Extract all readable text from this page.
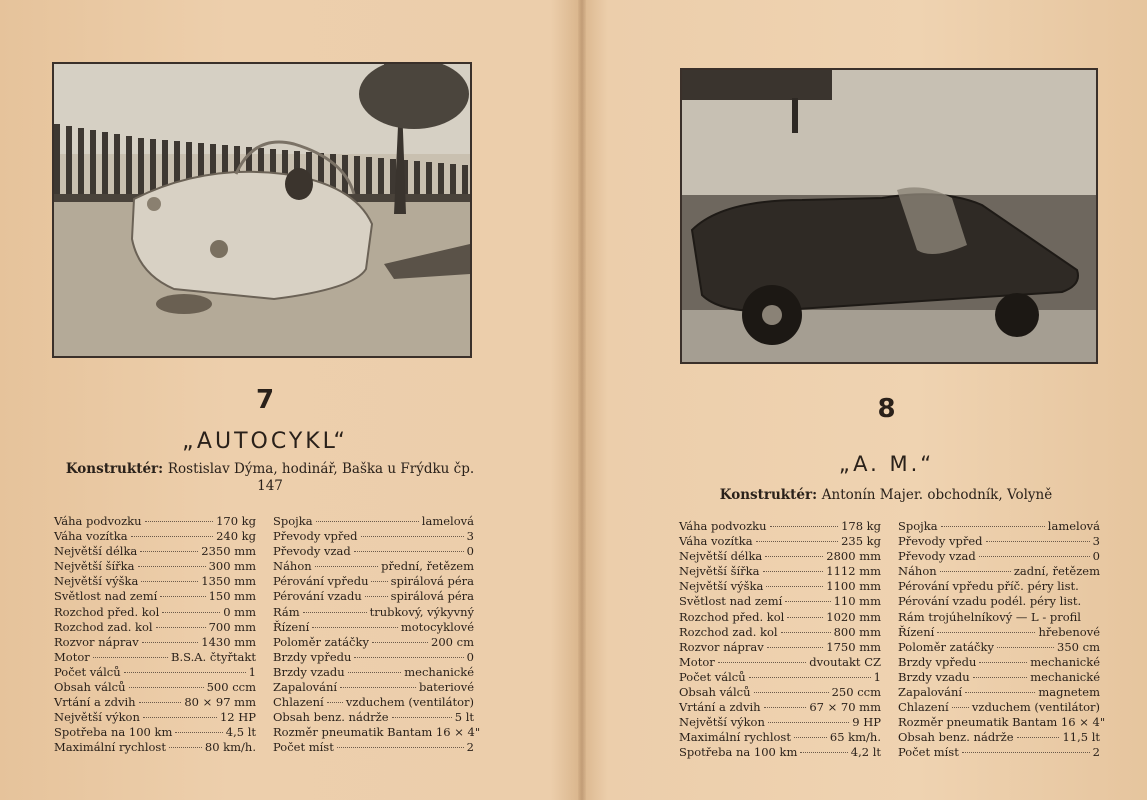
7
„AUTOCYKL“
Konstruktér: Rostislav Dýma, hodinář, Baška u Frýdku čp. 147
Váha podvozku	170 kg
Váha vozítka	240 kg
Největší délka	2350 mm
Největší šířka	300 mm
Největší výška	1350 mm
Světlost nad zemí	150 mm
Rozchod před. kol	0 mm
Rozchod zad. kol	700 mm
Rozvor náprav	1430 mm
Motor	B.S.A. čtyřtakt
Počet válců	1
Obsah válců	500 ccm
Vrtání a zdvih	80 × 97 mm
Největší výkon	12 HP
Spotřeba na 100 km	4,5 lt
Maximální rychlost	80 km/h.
Spojka	lamelová
Převody vpřed	3
Převody vzad	0
Náhon	přední, řetězem
Pérování vpředu spirálová péra
Pérování vzadu	spirálová péra
Rám	trubkový, výkyvný
Řízení	motocyklové
Poloměr zatáčky	200 cm
Brzdy vpředu	0
Brzdy vzadu	mechanické
Zapalování	bateriové
Chlazení vzduchem (ventilátor)
Obsah benz. nádrže	5 lt
Rozměr pneumatik Bantam 16 × 4"
Počet míst	2
8
„A. M.“
Konstruktér: Antonín Majer. obchodník, Volyně
Váha podvozku	178 kg
Váha vozítka	235 kg
Největší délka	2800 mm
Největší šířka	1112 mm
Největší výška	1100 mm
Světlost nad zemí	110 mm
Rozchod před. kol	1020 mm
Rozchod zad. kol	800 mm
Rozvor náprav	1750 mm
Motor	dvoutakt CZ
Počet válců	1
Obsah válců	250 ccm
Vrtání a zdvih	67 × 70 mm
Největší výkon	9 HP
Maximální rychlost	65 km/h.
Spotřeba na 100 km	4,2 lt
Spojka	lamelová
Převody vpřed	3
Převody vzad	0
Náhon	zadní, řetězem
Pérování vpředu příč. péry list.
Pérování vzadu podél. péry list.
Rám trojúhelníkový — L - profil
Řízení	hřebenové
Poloměr zatáčky	350 cm
Brzdy vpředu	mechanické
Brzdy vzadu	mechanické
Zapalování	magnetem
Chlazení vzduchem (ventilátor)
Rozměr pneumatik Bantam 16 × 4"
Obsah benz. nádrže	11,5 lt
Počet míst	2
